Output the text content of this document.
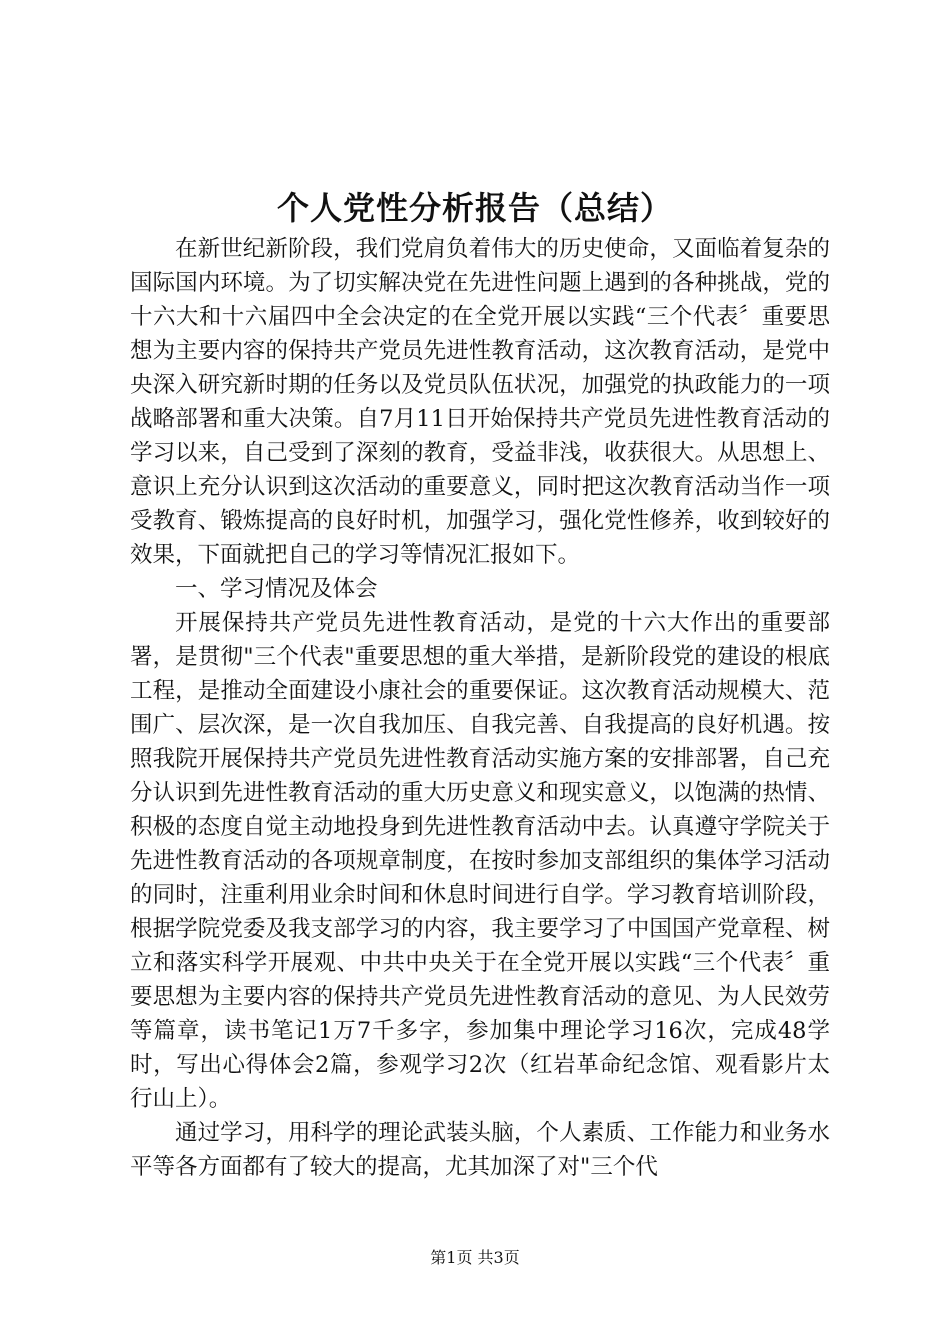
个人党性分析报告（总结）

在新世纪新阶段，我们党肩负着伟大的历史使命，又面临着复杂的国际国内环境。为了切实解决党在先进性问题上遇到的各种挑战，党的十六大和十六届四中全会决定的在全党开展以实践“三个代表〞重要思想为主要内容的保持共产党员先进性教育活动，这次教育活动，是党中央深入研究新时期的任务以及党员队伍状况，加强党的执政能力的一项战略部署和重大决策。自7月11日开始保持共产党员先进性教育活动的学习以来，自己受到了深刻的教育，受益非浅，收获很大。从思想上、意识上充分认识到这次活动的重要意义，同时把这次教育活动当作一项受教育、锻炼提高的良好时机，加强学习，强化党性修养，收到较好的效果，下面就把自己的学习等情况汇报如下。

一、学习情况及体会

开展保持共产党员先进性教育活动，是党的十六大作出的重要部署，是贯彻"三个代表"重要思想的重大举措，是新阶段党的建设的根底工程，是推动全面建设小康社会的重要保证。这次教育活动规模大、范围广、层次深，是一次自我加压、自我完善、自我提高的良好机遇。按照我院开展保持共产党员先进性教育活动实施方案的安排部署，自己充分认识到先进性教育活动的重大历史意义和现实意义，以饱满的热情、积极的态度自觉主动地投身到先进性教育活动中去。认真遵守学院关于先进性教育活动的各项规章制度，在按时参加支部组织的集体学习活动的同时，注重利用业余时间和休息时间进行自学。学习教育培训阶段，根据学院党委及我支部学习的内容，我主要学习了中国国产党章程、树立和落实科学开展观、中共中央关于在全党开展以实践“三个代表〞重要思想为主要内容的保持共产党员先进性教育活动的意见、为人民效劳等篇章，读书笔记1万7千多字，参加集中理论学习16次，完成48学时，写出心得体会2篇，参观学习2次（红岩革命纪念馆、观看影片太行山上）。

通过学习，用科学的理论武装头脑，个人素质、工作能力和业务水平等各方面都有了较大的提高，尤其加深了对"三个代

第1页 共3页
